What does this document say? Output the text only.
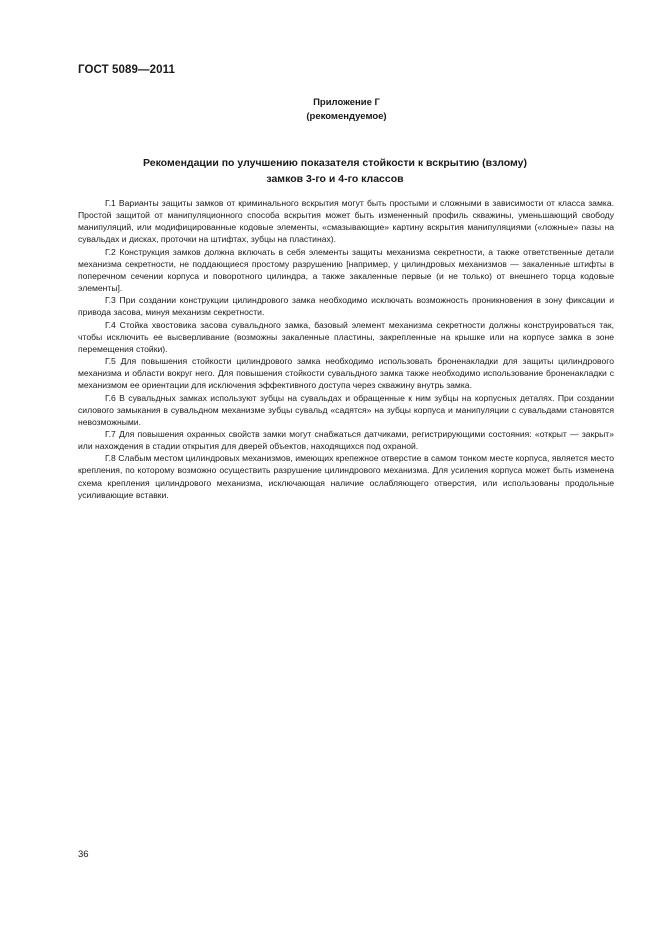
ГОСТ 5089—2011
Приложение Г
(рекомендуемое)
Рекомендации по улучшению показателя стойкости к вскрытию (взлому)
замков 3-го и 4-го классов

Г.1 Варианты защиты замков от криминального вскрытия могут быть простыми и сложными в зависимости от класса замка. Простой защитой от манипуляционного способа вскрытия может быть измененный профиль скважины, уменьшающий свободу манипуляций, или модифицированные кодовые элементы, «смазывающие» картину вскрытия манипуляциями («ложные» пазы на сувальдах и дисках, проточки на штифтах, зубцы на пластинах).

Г.2 Конструкция замков должна включать в себя элементы защиты механизма секретности, а также ответственные детали механизма секретности, не поддающиеся простому разрушению [например, у цилиндровых механизмов — закаленные штифты в поперечном сечении корпуса и поворотного цилиндра, а также закаленные первые (и не только) от внешнего торца кодовые элементы].

Г.3 При создании конструкции цилиндрового замка необходимо исключать возможность проникновения в зону фиксации и привода засова, минуя механизм секретности.

Г.4 Стойка хвостовика засова сувальдного замка, базовый элемент механизма секретности должны конструироваться так, чтобы исключить ее высверливание (возможны закаленные пластины, закрепленные на крышке или на корпусе замка в зоне перемещения стойки).

Г.5 Для повышения стойкости цилиндрового замка необходимо использовать броненакладки для защиты цилиндрового механизма и области вокруг него. Для повышения стойкости сувальдного замка также необходимо использование броненакладки с механизмом ее ориентации для исключения эффективного доступа через скважину внутрь замка.

Г.6 В сувальдных замках используют зубцы на сувальдах и обращенные к ним зубцы на корпусных деталях. При создании силового замыкания в сувальдном механизме зубцы сувальд «садятся» на зубцы корпуса и манипуляции с сувальдами становятся невозможными.

Г.7 Для повышения охранных свойств замки могут снабжаться датчиками, регистрирующими состояния: «открыт — закрыт» или нахождения в стадии открытия для дверей объектов, находящихся под охраной.

Г.8 Слабым местом цилиндровых механизмов, имеющих крепежное отверстие в самом тонком месте корпуса, является место крепления, по которому возможно осуществить разрушение цилиндрового механизма. Для усиления корпуса может быть изменена схема крепления цилиндрового механизма, исключающая наличие ослабляющего отверстия, или использованы продольные усиливающие вставки.

36
